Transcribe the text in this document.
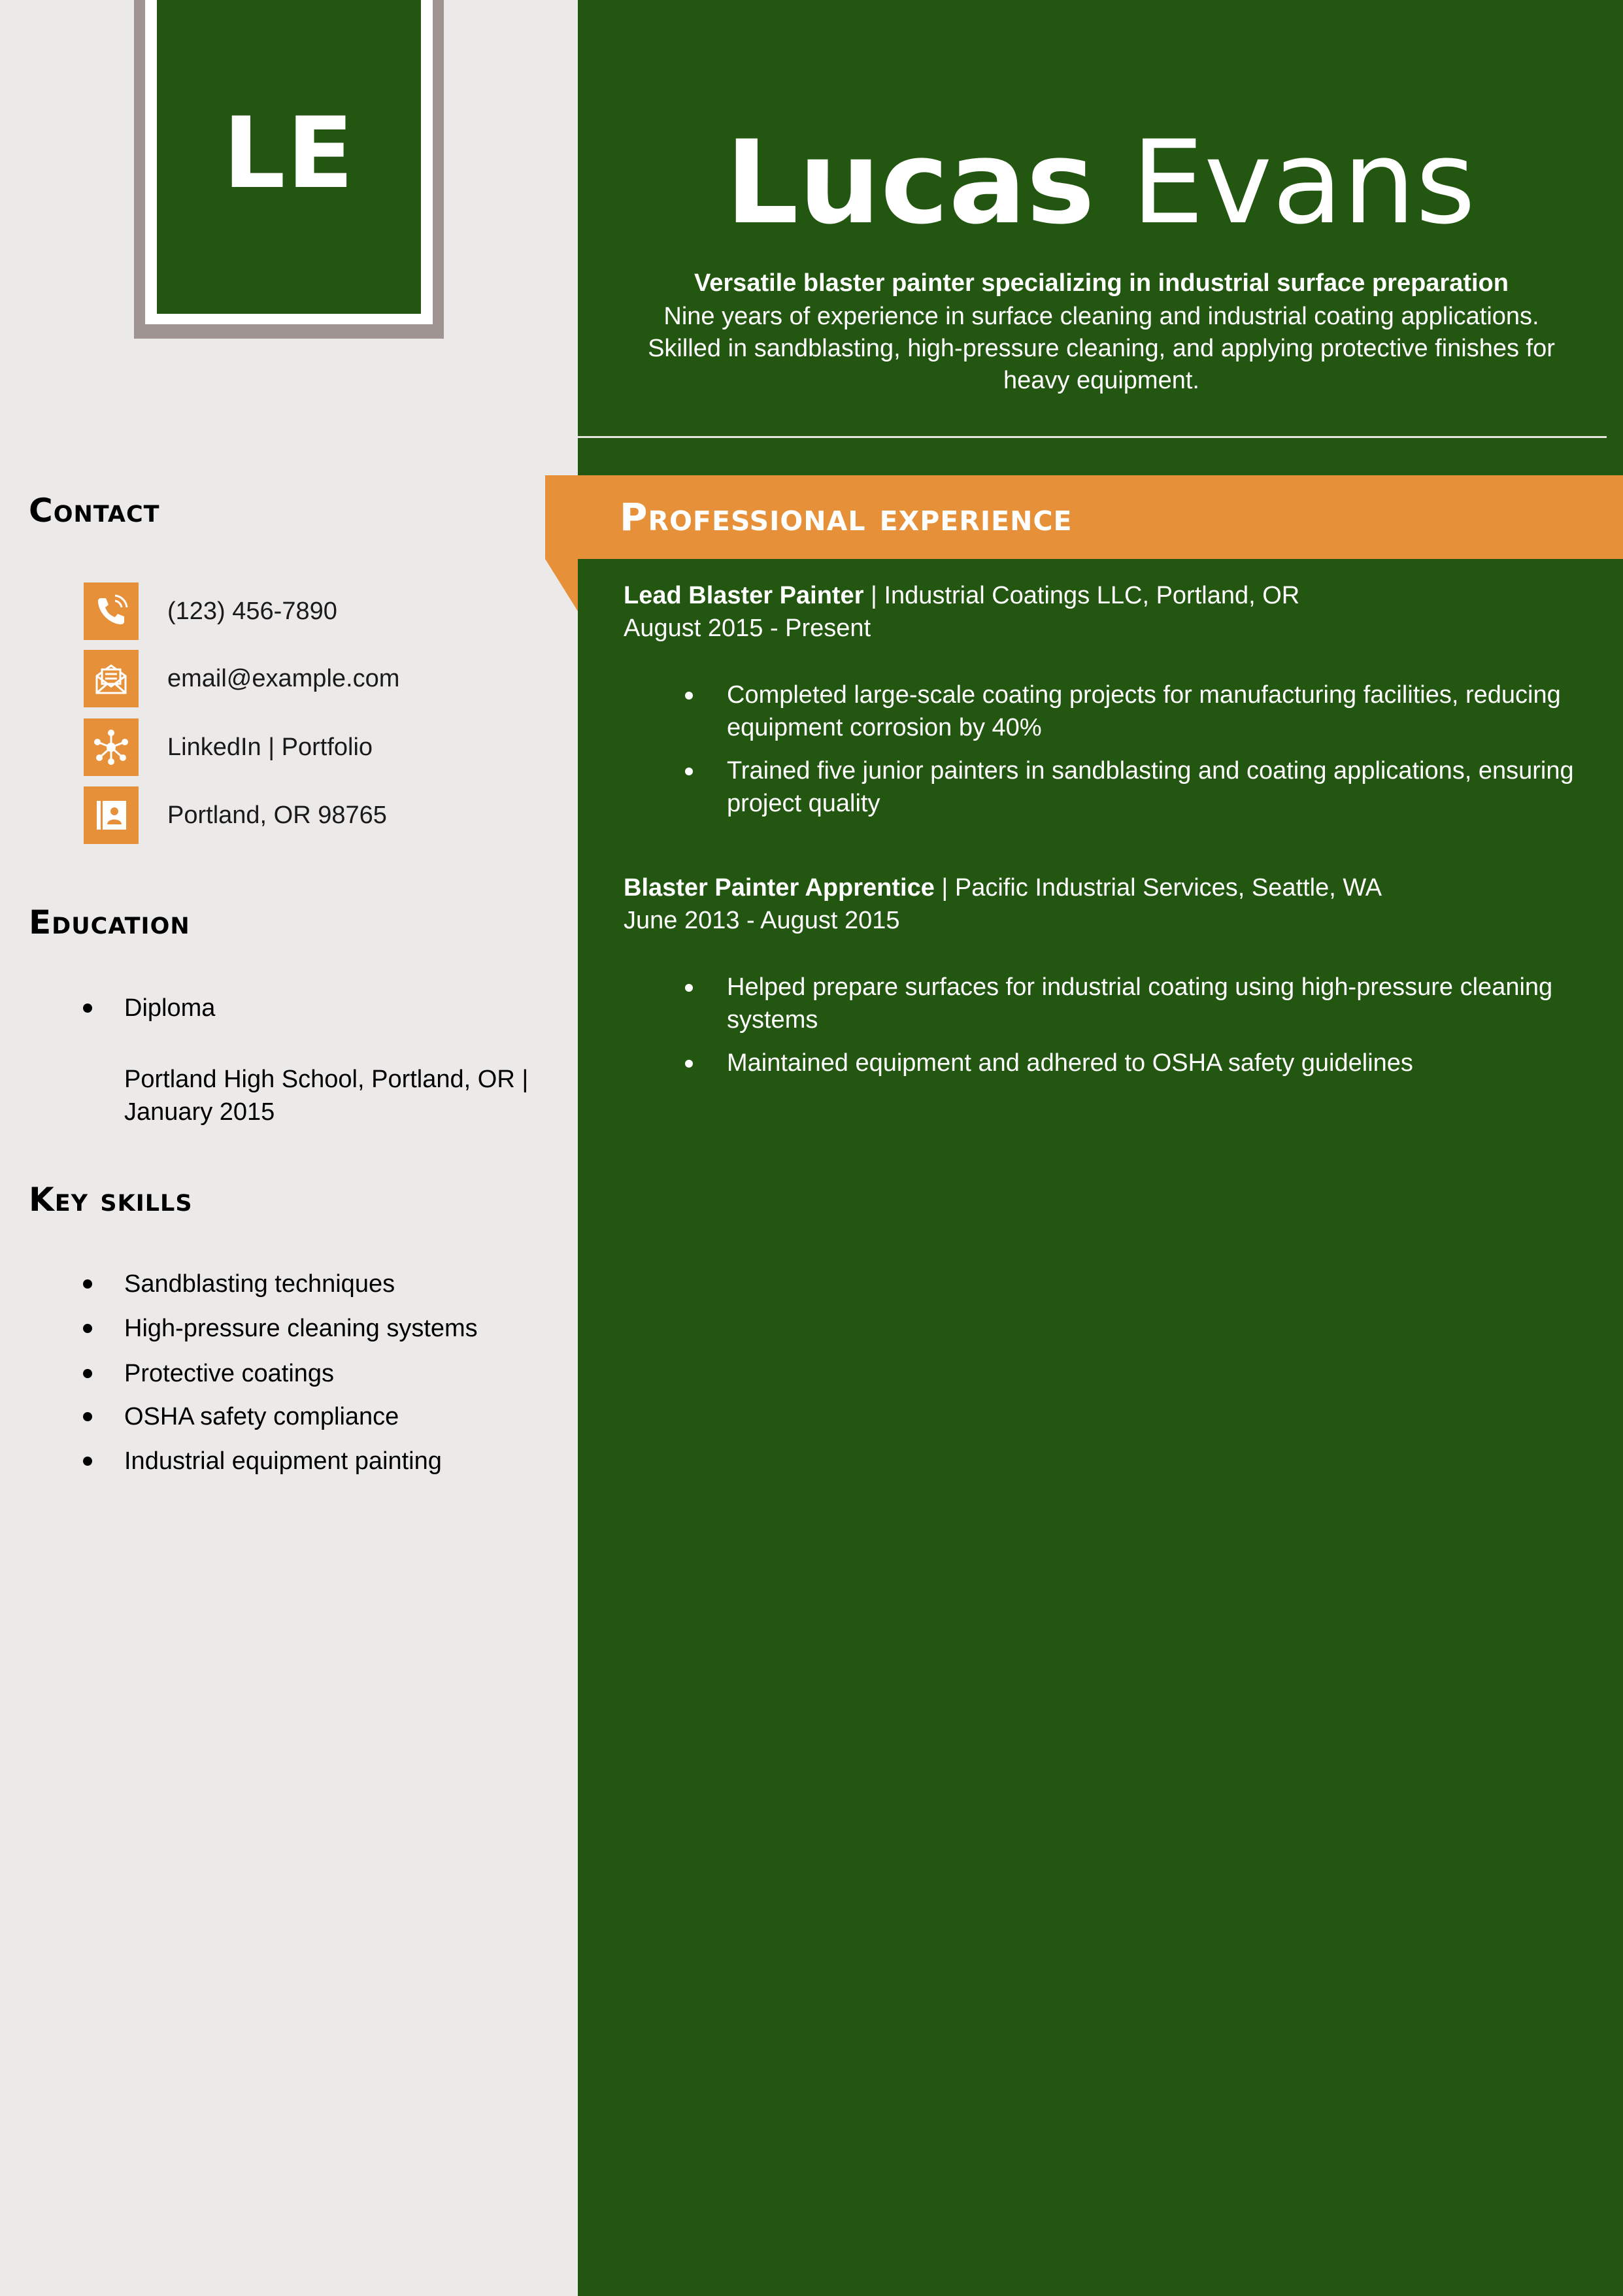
LE	Lucas Evans
Versatile blaster painter specializing in industrial surface preparation
Nine years of experience in surface cleaning and industrial coating applications. Skilled in sandblasting, high-pressure cleaning, and applying protective finishes for heavy equipment.
Contact
(123) 456-7890
email@example.com
LinkedIn | Portfolio
Portland, OR 98765
Education
Diploma
Portland High School, Portland, OR | January 2015
Key skills
Sandblasting techniques
High-pressure cleaning systems
Protective coatings
OSHA safety compliance
Industrial equipment painting
Professional experience
Lead Blaster Painter | Industrial Coatings LLC, Portland, OR
August 2015 - Present
Completed large-scale coating projects for manufacturing facilities, reducing equipment corrosion by 40%
Trained five junior painters in sandblasting and coating applications, ensuring project quality
Blaster Painter Apprentice | Pacific Industrial Services, Seattle, WA
June 2013 - August 2015
Helped prepare surfaces for industrial coating using high-pressure cleaning systems
Maintained equipment and adhered to OSHA safety guidelines
